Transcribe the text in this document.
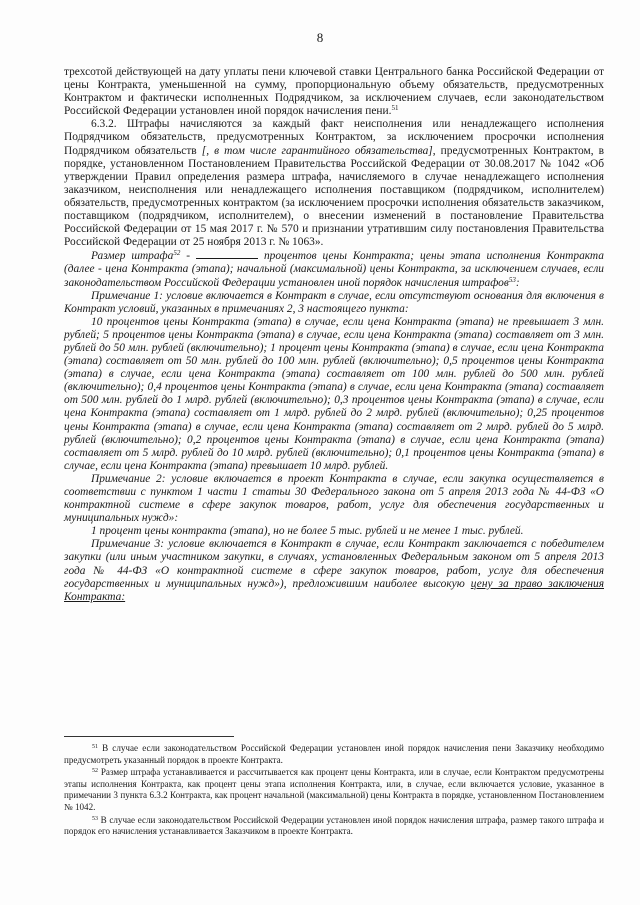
8

трехсотой действующей на дату уплаты пени ключевой ставки Центрального банка Российской Федерации от цены Контракта, уменьшенной на сумму, пропорциональную объему обязательств, предусмотренных Контрактом и фактически исполненных Подрядчиком, за исключением случаев, если законодательством Российской Федерации установлен иной порядок начисления пени.$^{51}$

6.3.2. Штрафы начисляются за каждый факт неисполнения или ненадлежащего исполнения Подрядчиком обязательств, предусмотренных Контрактом, за исключением просрочки исполнения Подрядчиком обязательств [, в том числе гарантийного обязательства], предусмотренных Контрактом, в порядке, установленном Постановлением Правительства Российской Федерации от 30.08.2017 № 1042 «Об утверждении Правил определения размера штрафа, начисляемого в случае ненадлежащего исполнения заказчиком, неисполнения или ненадлежащего исполнения поставщиком (подрядчиком, исполнителем) обязательств, предусмотренных контрактом (за исключением просрочки исполнения обязательств заказчиком, поставщиком (подрядчиком, исполнителем), о внесении изменений в постановление Правительства Российской Федерации от 15 мая 2017 г. № 570 и признании утратившим силу постановления Правительства Российской Федерации от 25 ноября 2013 г. № 1063».

Размер штрафа$^{52}$ -	процентов цены Контракта; цены этапа исполнения Контракта (далее - цена Контракта (этапа); начальной (максимальной) цены Контракта, за исключением случаев, если законодательством Российской Федерации установлен иной порядок начисления штрафов$^{53}$:

Примечание 1: условие включается в Контракт в случае, если отсутствуют основания для включения в Контракт условий, указанных в примечаниях 2, 3 настоящего пункта:

10 процентов цены Контракта (этапа) в случае, если цена Контракта (этапа) не превышает 3 млн. рублей; 5 процентов цены Контракта (этапа) в случае, если цена Контракта (этапа) составляет от 3 млн. рублей до 50 млн. рублей (включительно); 1 процент цены Контракта (этапа) в случае, если цена Контракта (этапа) составляет от 50 млн. рублей до 100 млн. рублей (включительно); 0,5 процентов цены Контракта (этапа) в случае, если цена Контракта (этапа) составляет от 100 млн. рублей до 500 млн. рублей (включительно); 0,4 процентов цены Контракта (этапа) в случае, если цена Контракта (этапа) составляет от 500 млн. рублей до 1 млрд. рублей (включительно); 0,3 процентов цены Контракта (этапа) в случае, если цена Контракта (этапа) составляет от 1 млрд. рублей до 2 млрд. рублей (включительно); 0,25 процентов цены Контракта (этапа) в случае, если цена Контракта (этапа) составляет от 2 млрд. рублей до 5 млрд. рублей (включительно); 0,2 процентов цены Контракта (этапа) в случае, если цена Контракта (этапа) составляет от 5 млрд. рублей до 10 млрд. рублей (включительно); 0,1 процентов цены Контракта (этапа) в случае, если цена Контракта (этапа) превышает 10 млрд. рублей.

Примечание 2: условие включается в проект Контракта в случае, если закупка осуществляется в соответствии с пунктом 1 части 1 статьи 30 Федерального закона от 5 апреля 2013 года № 44-ФЗ «О контрактной системе в сфере закупок товаров, работ, услуг для обеспечения государственных и муниципальных нужд»:

1 процент цены контракта (этапа), но не более 5 тыс. рублей и не менее 1 тыс. рублей.

Примечание 3: условие включается в Контракт в случае, если Контракт заключается с победителем закупки (или иным участником закупки, в случаях, установленных Федеральным законом от 5 апреля 2013 года № 44-ФЗ «О контрактной системе в сфере закупок товаров, работ, услуг для обеспечения государственных и муниципальных нужд»), предложившим наиболее высокую цену за право заключения Контракта:

$^{51}$ В случае если законодательством Российской Федерации установлен иной порядок начисления пени Заказчику необходимо предусмотреть указанный порядок в проекте Контракта.

$^{52}$ Размер штрафа устанавливается и рассчитывается как процент цены Контракта, или в случае, если Контрактом предусмотрены этапы исполнения Контракта, как процент цены этапа исполнения Контракта, или, в случае, если включается условие, указанное в примечании 3 пункта 6.3.2 Контракта, как процент начальной (максимальной) цены Контракта в порядке, установленном Постановлением № 1042.

$^{53}$ В случае если законодательством Российской Федерации установлен иной порядок начисления штрафа, размер такого штрафа и порядок его начисления устанавливается Заказчиком в проекте Контракта.
